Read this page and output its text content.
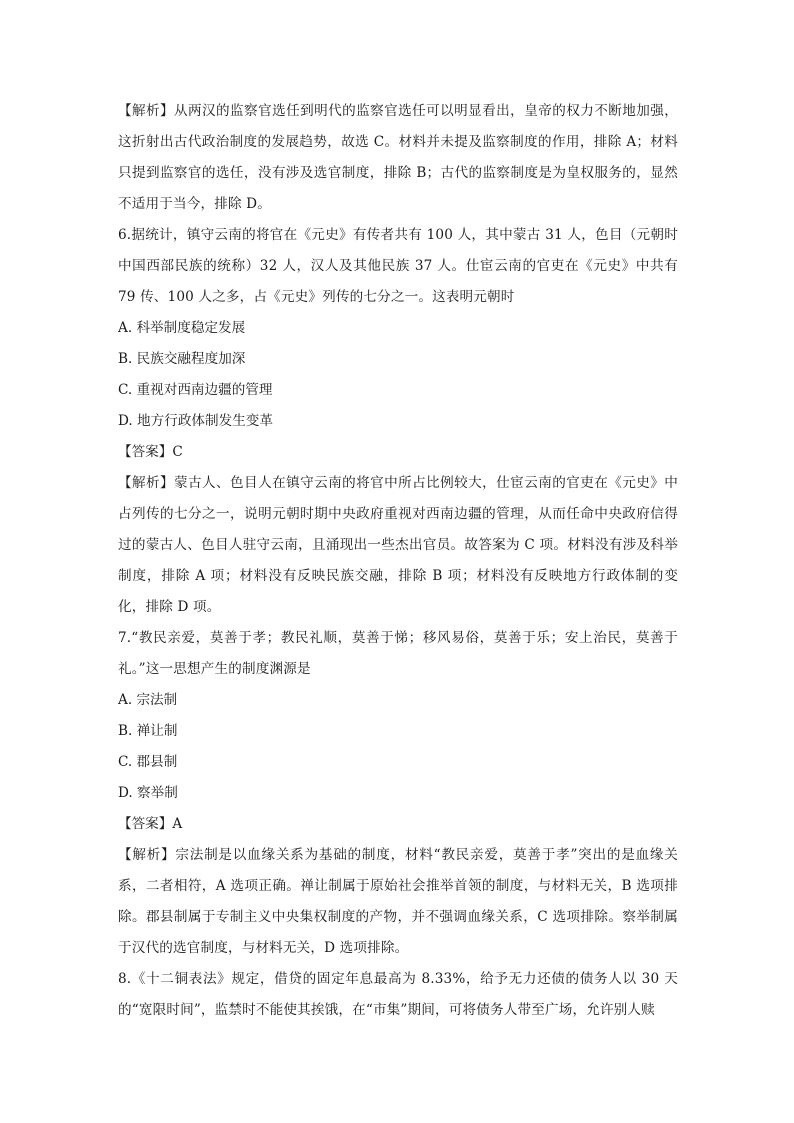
【解析】从两汉的监察官选任到明代的监察官选任可以明显看出，皇帝的权力不断地加强，这折射出古代政治制度的发展趋势，故选 C。材料并未提及监察制度的作用，排除 A；材料只提到监察官的选任，没有涉及选官制度，排除 B；古代的监察制度是为皇权服务的，显然不适用于当今，排除 D。

6.据统计，镇守云南的将官在《元史》有传者共有 100 人，其中蒙古 31 人，色目（元朝时中国西部民族的统称）32 人，汉人及其他民族 37 人。仕宦云南的官吏在《元史》中共有 79 传、100 人之多，占《元史》列传的七分之一。这表明元朝时

A. 科举制度稳定发展

B. 民族交融程度加深

C. 重视对西南边疆的管理

D. 地方行政体制发生变革

【答案】C

【解析】蒙古人、色目人在镇守云南的将官中所占比例较大，仕宦云南的官吏在《元史》中占列传的七分之一，说明元朝时期中央政府重视对西南边疆的管理，从而任命中央政府信得过的蒙古人、色目人驻守云南，且涌现出一些杰出官员。故答案为 C 项。材料没有涉及科举制度，排除 A 项；材料没有反映民族交融，排除 B 项；材料没有反映地方行政体制的变化，排除 D 项。

7.“教民亲爱，莫善于孝；教民礼顺，莫善于悌；移风易俗，莫善于乐；安上治民，莫善于礼。”这一思想产生的制度渊源是

A. 宗法制

B. 禅让制

C. 郡县制

D. 察举制

【答案】A

【解析】宗法制是以血缘关系为基础的制度，材料“教民亲爱，莫善于孝”突出的是血缘关系，二者相符，A 选项正确。禅让制属于原始社会推举首领的制度，与材料无关，B 选项排除。郡县制属于专制主义中央集权制度的产物，并不强调血缘关系，C 选项排除。察举制属于汉代的选官制度，与材料无关，D 选项排除。

8.《十二铜表法》规定，借贷的固定年息最高为 8.33%，给予无力还债的债务人以 30 天的“宽限时间”，监禁时不能使其挨饿，在“市集”期间，可将债务人带至广场，允许别人赎
